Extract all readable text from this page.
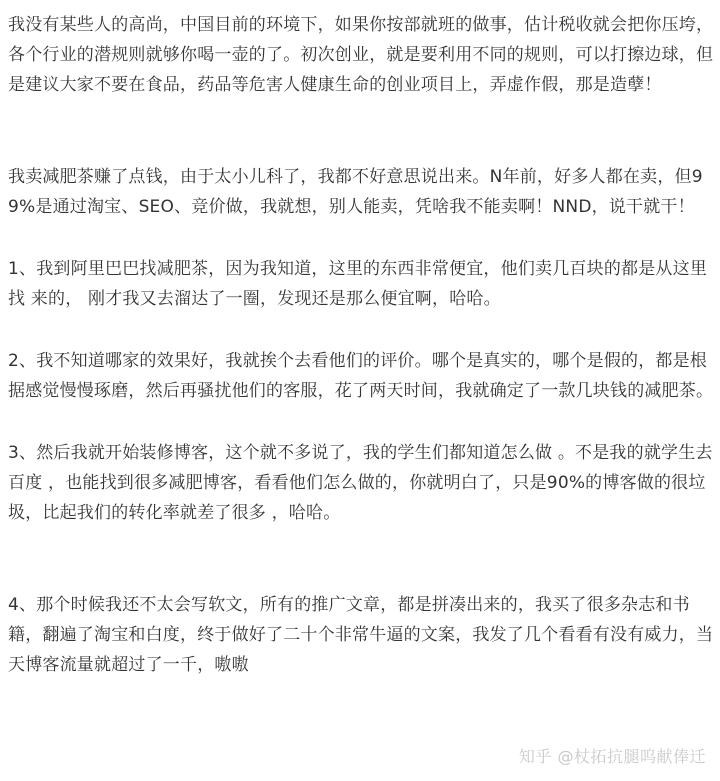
我没有某些人的高尚，中国目前的环境下，如果你按部就班的做事，估计税收就会把你压垮，各个行业的潜规则就够你喝一壶的了。初次创业，就是要利用不同的规则，可以打擦边球，但是建议大家不要在食品，药品等危害人健康生命的创业项目上，弄虚作假，那是造孽！

我卖减肥茶赚了点钱，由于太小儿科了，我都不好意思说出来。N年前，好多人都在卖，但99%是通过淘宝、SEO、竞价做，我就想，别人能卖，凭啥我不能卖啊！NND，说干就干！

1、我到阿里巴巴找减肥茶，因为我知道，这里的东西非常便宜，他们卖几百块的都是从这里找 来的， 刚才我又去溜达了一圈，发现还是那么便宜啊，哈哈。

2、我不知道哪家的效果好，我就挨个去看他们的评价。哪个是真实的，哪个是假的，都是根据感觉慢慢琢磨，然后再骚扰他们的客服，花了两天时间，我就确定了一款几块钱的减肥茶。

3、然后我就开始装修博客，这个就不多说了，我的学生们都知道怎么做 。不是我的就学生去百度 ，也能找到很多减肥博客，看看他们怎么做的，你就明白了，只是90%的博客做的很垃圾，比起我们的转化率就差了很多 ，哈哈。

4、那个时候我还不太会写软文，所有的推广文章，都是拼凑出来的，我买了很多杂志和书籍，翻遍了淘宝和白度，终于做好了二十个非常牛逼的文案，我发了几个看看有没有威力，当天博客流量就超过了一千，嗷嗷

知乎 @杖拓抗腿呜献俸迁
